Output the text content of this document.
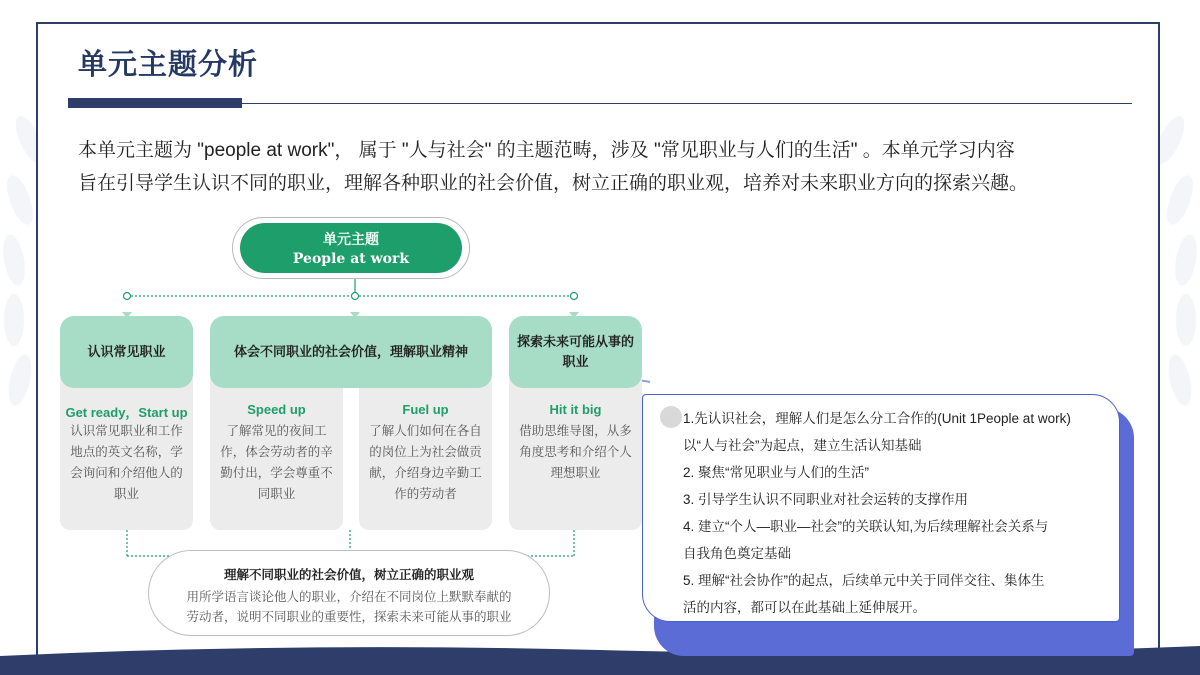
单元主题分析
本单元主题为 "people at work"， 属于 "人与社会" 的主题范畴，涉及 "常见职业与人们的生活" 。本单元学习内容
旨在引导学生认识不同的职业，理解各种职业的社会价值，树立正确的职业观，培养对未来职业方向的探索兴趣。
单元主题
People at work
认识常见职业	体会不同职业的社会价值，理解职业精神
探索未来可能从事的职业
Get ready，Start up	Speed up	Fuel up	Hit it big
认识常见职业和工作
地点的英文名称，学
会询问和介绍他人的
职业
了解常见的夜间工
作，体会劳动者的辛
勤付出，学会尊重不
同职业
了解人们如何在各自
的岗位上为社会做贡
献，介绍身边辛勤工
作的劳动者
借助思维导图，从多
角度思考和介绍个人
理想职业
理解不同职业的社会价值，树立正确的职业观
用所学语言谈论他人的职业，介绍在不同岗位上默默奉献的
劳动者，说明不同职业的重要性，探索未来可能从事的职业

1.先认识社会，理解人们是怎么分工合作的(Unit 1People at work)

以“人与社会”为起点，建立生活认知基础

2. 聚焦“常见职业与人们的生活”

3. 引导学生认识不同职业对社会运转的支撑作用

4. 建立“个人—职业—社会”的关联认知,为后续理解社会关系与

自我角色奠定基础

5. 理解“社会协作”的起点，后续单元中关于同伴交往、集体生

活的内容，都可以在此基础上延伸展开。
